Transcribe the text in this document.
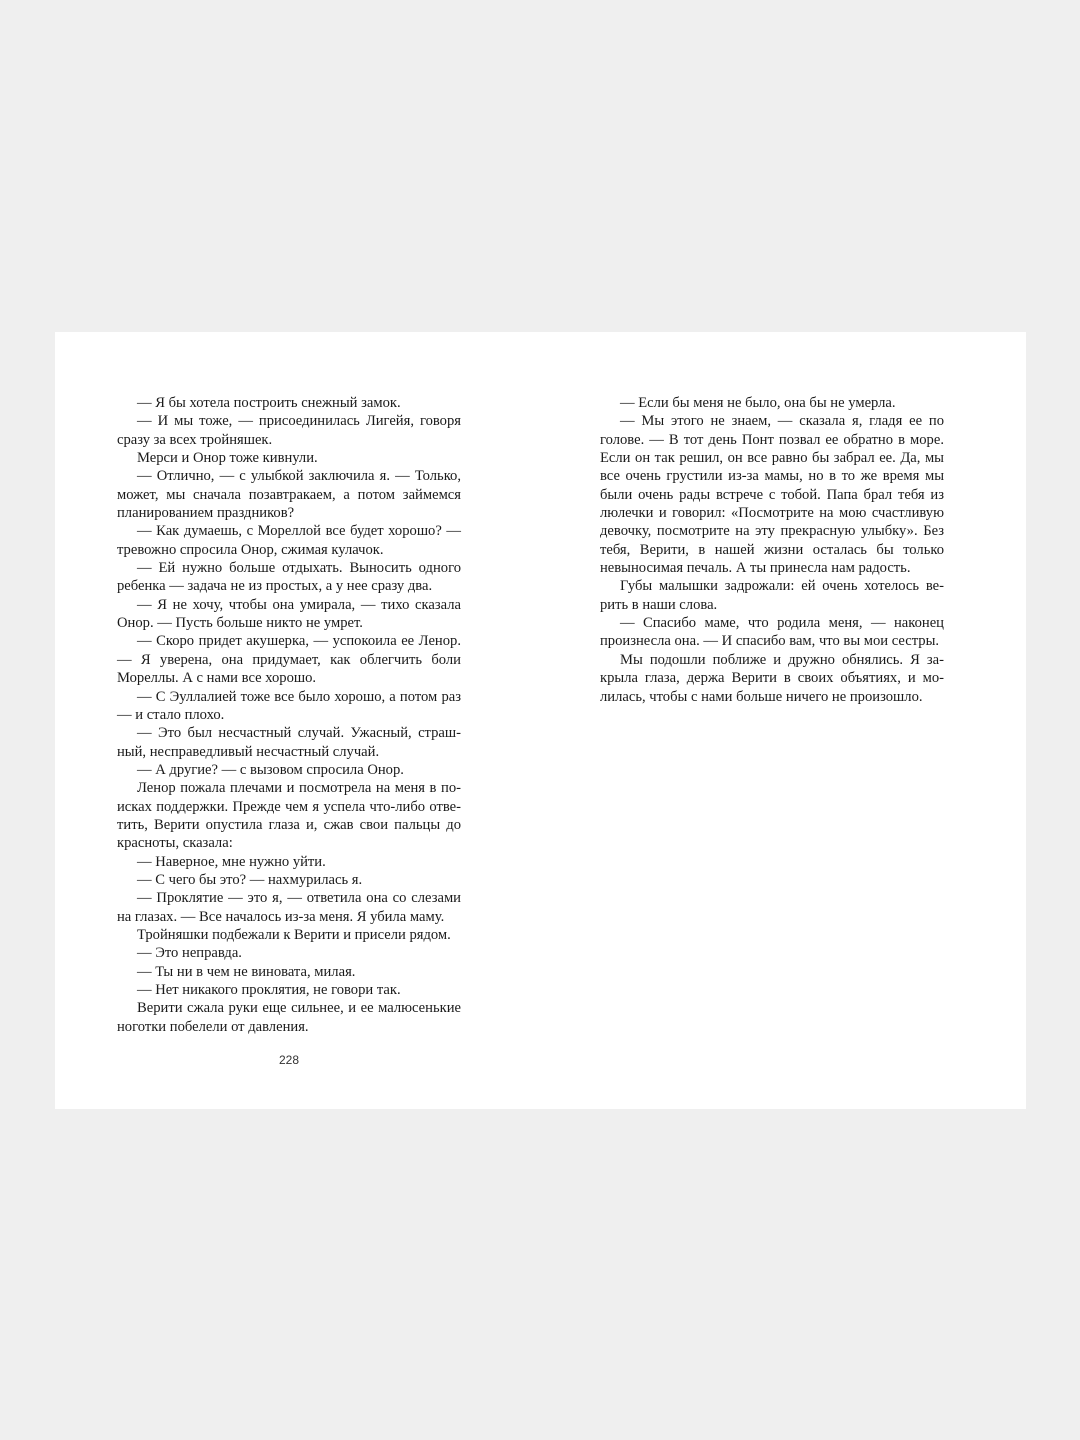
— Я бы хотела построить снежный замок.

— И мы тоже, — присоединилась Лигейя, говоря сразу за всех тройняшек.

Мерси и Онор тоже кивнули.

— Отлично, — с улыбкой заключила я. — Только, может, мы сначала позавтракаем, а потом займемся планированием праздников?

— Как думаешь, с Мореллой все будет хорошо? — тревожно спросила Онор, сжимая кулачок.

— Ей нужно больше отдыхать. Выносить одного ребенка — задача не из простых, а у нее сразу два.

— Я не хочу, чтобы она умирала, — тихо сказала Онор. — Пусть больше никто не умрет.

— Скоро придет акушерка, — успокоила ее Ленор. — Я уверена, она придумает, как облегчить боли Мореллы. А с нами все хорошо.

— С Эуллалией тоже все было хорошо, а потом раз — и стало плохо.

— Это был несчастный случай. Ужасный, страшный, несправедливый несчастный случай.

— А другие? — с вызовом спросила Онор.

Ленор пожала плечами и посмотрела на меня в поисках поддержки. Прежде чем я успела что-либо ответить, Верити опустила глаза и, сжав свои пальцы до красноты, сказала:

— Наверное, мне нужно уйти.

— С чего бы это? — нахмурилась я.

— Проклятие — это я, — ответила она со слезами на глазах. — Все началось из-за меня. Я убила маму.

Тройняшки подбежали к Верити и присели рядом.

— Это неправда.

— Ты ни в чем не виновата, милая.

— Нет никакого проклятия, не говори так.

Верити сжала руки еще сильнее, и ее малюсенькие ноготки побелели от давления.

228

— Если бы меня не было, она бы не умерла.

— Мы этого не знаем, — сказала я, гладя ее по голове. — В тот день Понт позвал ее обратно в море. Если он так решил, он все равно бы забрал ее. Да, мы все очень грустили из-за мамы, но в то же время мы были очень рады встрече с тобой. Папа брал тебя из люлечки и говорил: «Посмотрите на мою счастливую девочку, посмотрите на эту прекрасную улыбку». Без тебя, Верити, в нашей жизни осталась бы только невыносимая печаль. А ты принесла нам радость.

Губы малышки задрожали: ей очень хотелось верить в наши слова.

— Спасибо маме, что родила меня, — наконец произнесла она. — И спасибо вам, что вы мои сестры.

Мы подошли поближе и дружно обнялись. Я закрыла глаза, держа Верити в своих объятиях, и молилась, чтобы с нами больше ничего не произошло.
